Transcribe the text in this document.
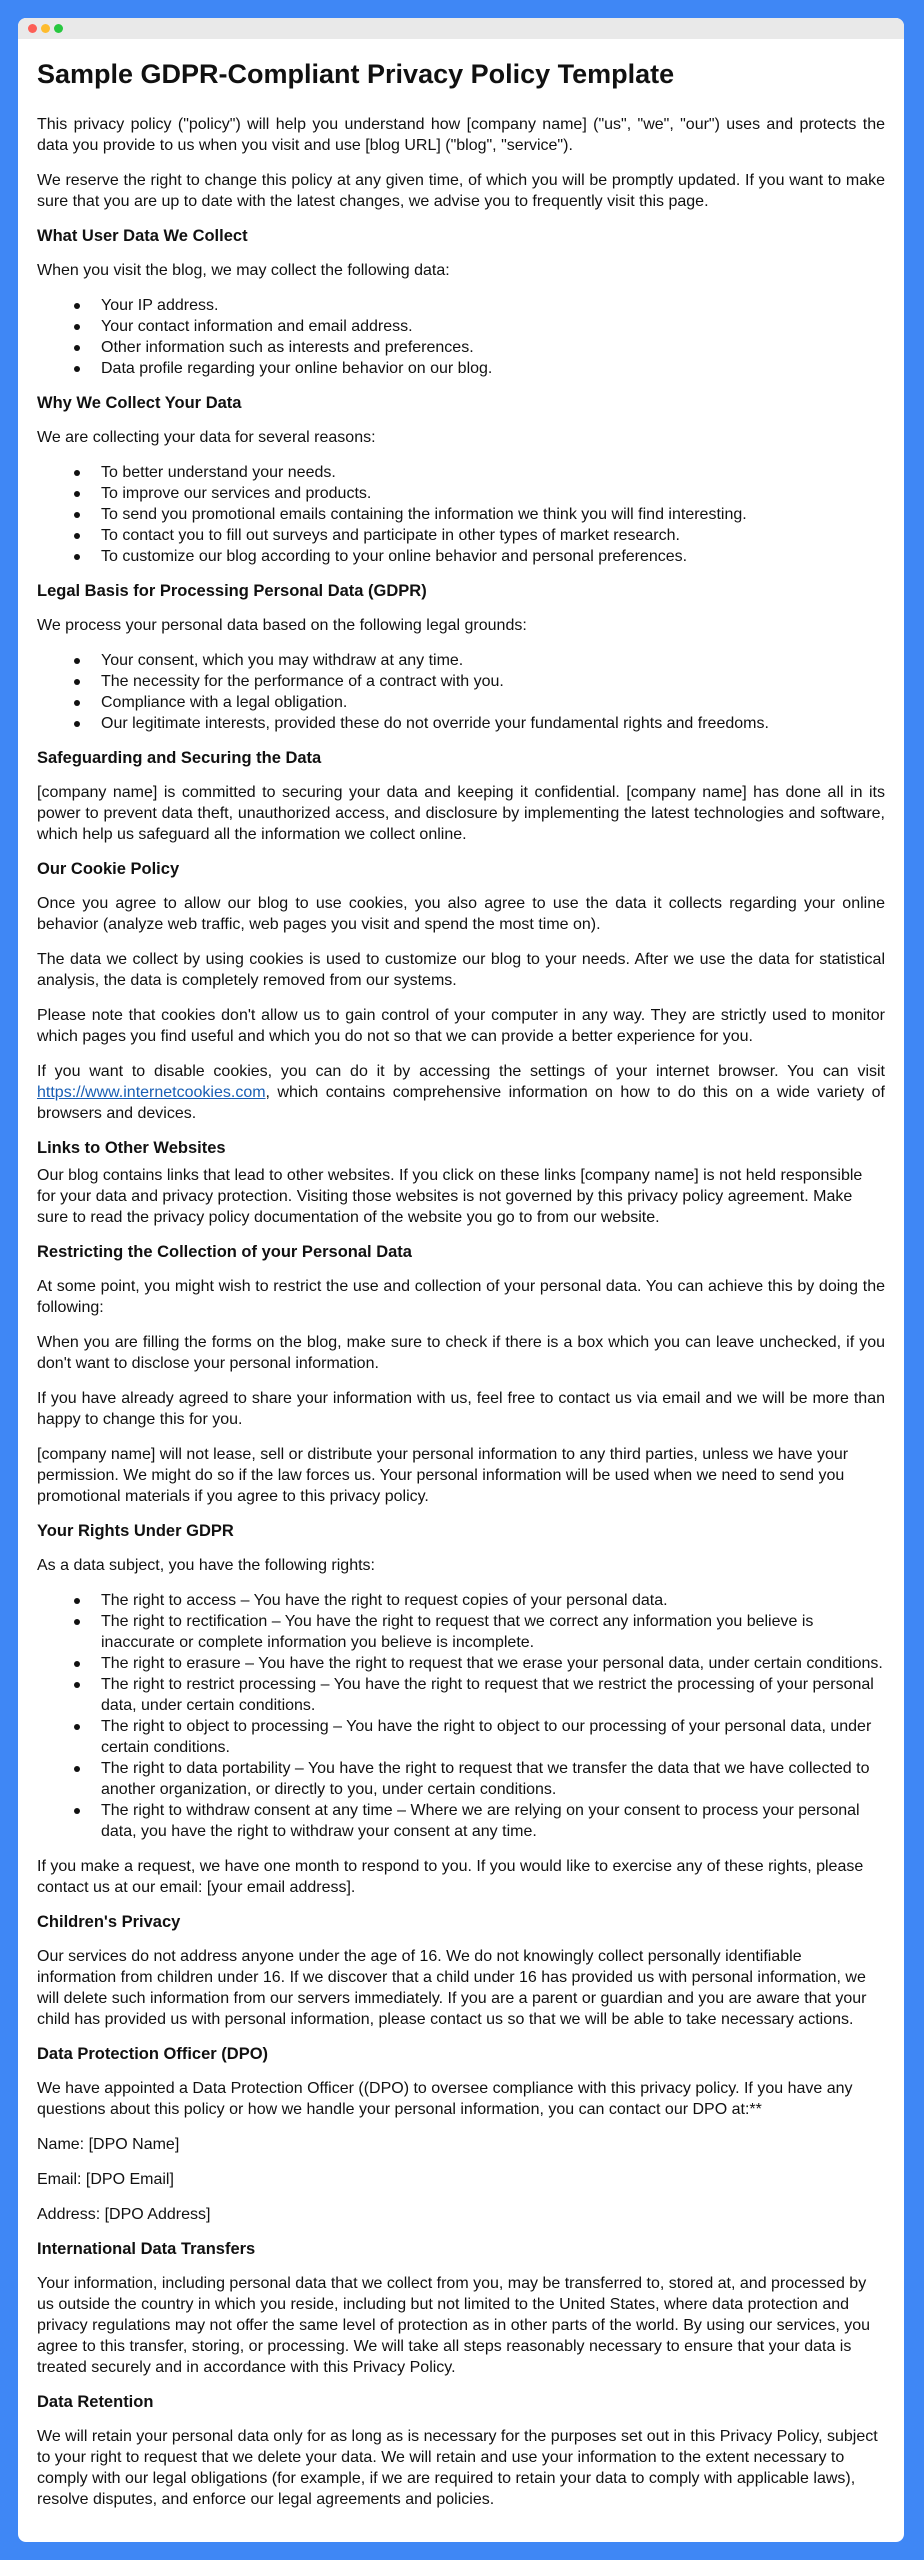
Sample GDPR-Compliant Privacy Policy Template

This privacy policy ("policy") will help you understand how [company name] ("us", "we", "our") uses and protects the data you provide to us when you visit and use [blog URL] ("blog", "service").

We reserve the right to change this policy at any given time, of which you will be promptly updated. If you want to make sure that you are up to date with the latest changes, we advise you to frequently visit this page.

What User Data We Collect

When you visit the blog, we may collect the following data:

Your IP address.
Your contact information and email address.
Other information such as interests and preferences.
Data profile regarding your online behavior on our blog.
Why We Collect Your Data

We are collecting your data for several reasons:

To better understand your needs.
To improve our services and products.
To send you promotional emails containing the information we think you will find interesting.
To contact you to fill out surveys and participate in other types of market research.
To customize our blog according to your online behavior and personal preferences.
Legal Basis for Processing Personal Data (GDPR)

We process your personal data based on the following legal grounds:

Your consent, which you may withdraw at any time.
The necessity for the performance of a contract with you.
Compliance with a legal obligation.
Our legitimate interests, provided these do not override your fundamental rights and freedoms.
Safeguarding and Securing the Data

[company name] is committed to securing your data and keeping it confidential. [company name] has done all in its power to prevent data theft, unauthorized access, and disclosure by implementing the latest technologies and software, which help us safeguard all the information we collect online.

Our Cookie Policy

Once you agree to allow our blog to use cookies, you also agree to use the data it collects regarding your online behavior (analyze web traffic, web pages you visit and spend the most time on).

The data we collect by using cookies is used to customize our blog to your needs. After we use the data for statistical analysis, the data is completely removed from our systems.

Please note that cookies don't allow us to gain control of your computer in any way. They are strictly used to monitor which pages you find useful and which you do not so that we can provide a better experience for you.

If you want to disable cookies, you can do it by accessing the settings of your internet browser. You can visit https://www.internetcookies.com, which contains comprehensive information on how to do this on a wide variety of browsers and devices.

Links to Other Websites

Our blog contains links that lead to other websites. If you click on these links [company name] is not held responsible for your data and privacy protection. Visiting those websites is not governed by this privacy policy agreement. Make sure to read the privacy policy documentation of the website you go to from our website.

Restricting the Collection of your Personal Data

At some point, you might wish to restrict the use and collection of your personal data. You can achieve this by doing the following:

When you are filling the forms on the blog, make sure to check if there is a box which you can leave unchecked, if you don't want to disclose your personal information.

If you have already agreed to share your information with us, feel free to contact us via email and we will be more than happy to change this for you.

[company name] will not lease, sell or distribute your personal information to any third parties, unless we have your permission. We might do so if the law forces us. Your personal information will be used when we need to send you promotional materials if you agree to this privacy policy.

Your Rights Under GDPR

As a data subject, you have the following rights:

The right to access – You have the right to request copies of your personal data.
The right to rectification – You have the right to request that we correct any information you believe is inaccurate or complete information you believe is incomplete.
The right to erasure – You have the right to request that we erase your personal data, under certain conditions.
The right to restrict processing – You have the right to request that we restrict the processing of your personal data, under certain conditions.
The right to object to processing – You have the right to object to our processing of your personal data, under certain conditions.
The right to data portability – You have the right to request that we transfer the data that we have collected to another organization, or directly to you, under certain conditions.
The right to withdraw consent at any time – Where we are relying on your consent to process your personal data, you have the right to withdraw your consent at any time.

If you make a request, we have one month to respond to you. If you would like to exercise any of these rights, please contact us at our email: [your email address].

Children's Privacy

Our services do not address anyone under the age of 16. We do not knowingly collect personally identifiable information from children under 16. If we discover that a child under 16 has provided us with personal information, we will delete such information from our servers immediately. If you are a parent or guardian and you are aware that your child has provided us with personal information, please contact us so that we will be able to take necessary actions.

Data Protection Officer (DPO)

We have appointed a Data Protection Officer ((DPO) to oversee compliance with this privacy policy. If you have any questions about this policy or how we handle your personal information, you can contact our DPO at:**

Name: [DPO Name]

Email: [DPO Email]

Address: [DPO Address]

International Data Transfers

Your information, including personal data that we collect from you, may be transferred to, stored at, and processed by us outside the country in which you reside, including but not limited to the United States, where data protection and privacy regulations may not offer the same level of protection as in other parts of the world. By using our services, you agree to this transfer, storing, or processing. We will take all steps reasonably necessary to ensure that your data is treated securely and in accordance with this Privacy Policy.

Data Retention

We will retain your personal data only for as long as is necessary for the purposes set out in this Privacy Policy, subject to your right to request that we delete your data. We will retain and use your information to the extent necessary to comply with our legal obligations (for example, if we are required to retain your data to comply with applicable laws), resolve disputes, and enforce our legal agreements and policies.
